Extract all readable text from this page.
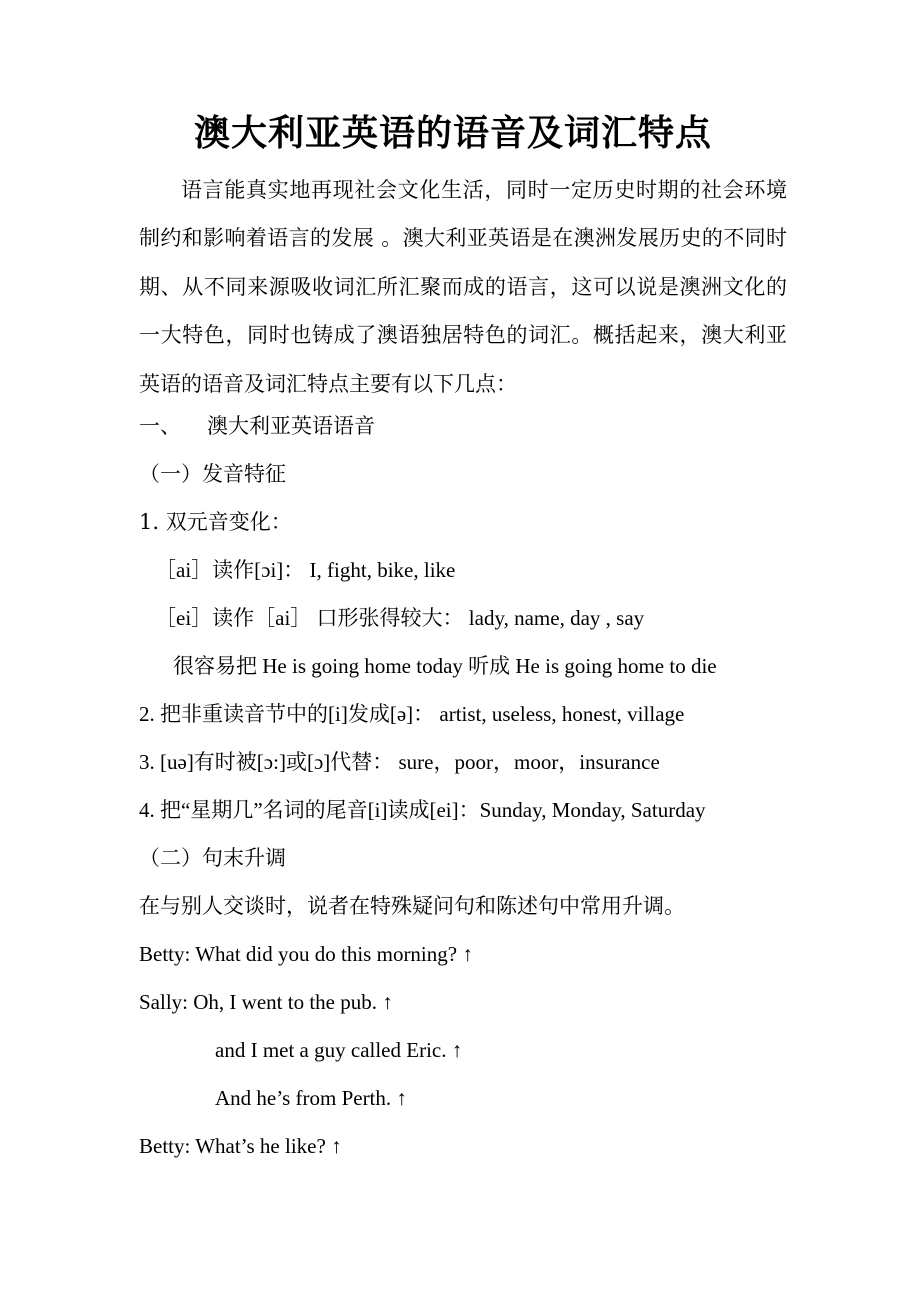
澳大利亚英语的语音及词汇特点

语言能真实地再现社会文化生活，同时一定历史时期的社会环境制约和影响着语言的发展 。澳大利亚英语是在澳洲发展历史的不同时期、从不同来源吸收词汇所汇聚而成的语言，这可以说是澳洲文化的一大特色，同时也铸成了澳语独居特色的词汇。概括起来，澳大利亚英语的语音及词汇特点主要有以下几点：

一、 澳大利亚英语语音
（一）发音特征
1. 双元音变化：
［ai］读作[ɔi]： I, fight, bike, like
［ei］读作［ai］ 口形张得较大： lady, name, day , say
很容易把 He is going home today 听成 He is going home to die
2. 把非重读音节中的[i]发成[ə]： artist, useless, honest, village
3. [uə]有时被[ɔ:]或[ɔ]代替： sure，poor，moor，insurance
4. 把“星期几”名词的尾音[i]读成[ei]：Sunday, Monday, Saturday
（二）句末升调
在与别人交谈时，说者在特殊疑问句和陈述句中常用升调。
Betty: What did you do this morning? ↑
Sally: Oh, I went to the pub. ↑
and I met a guy called Eric. ↑
And he’s from Perth. ↑
Betty: What’s he like? ↑
